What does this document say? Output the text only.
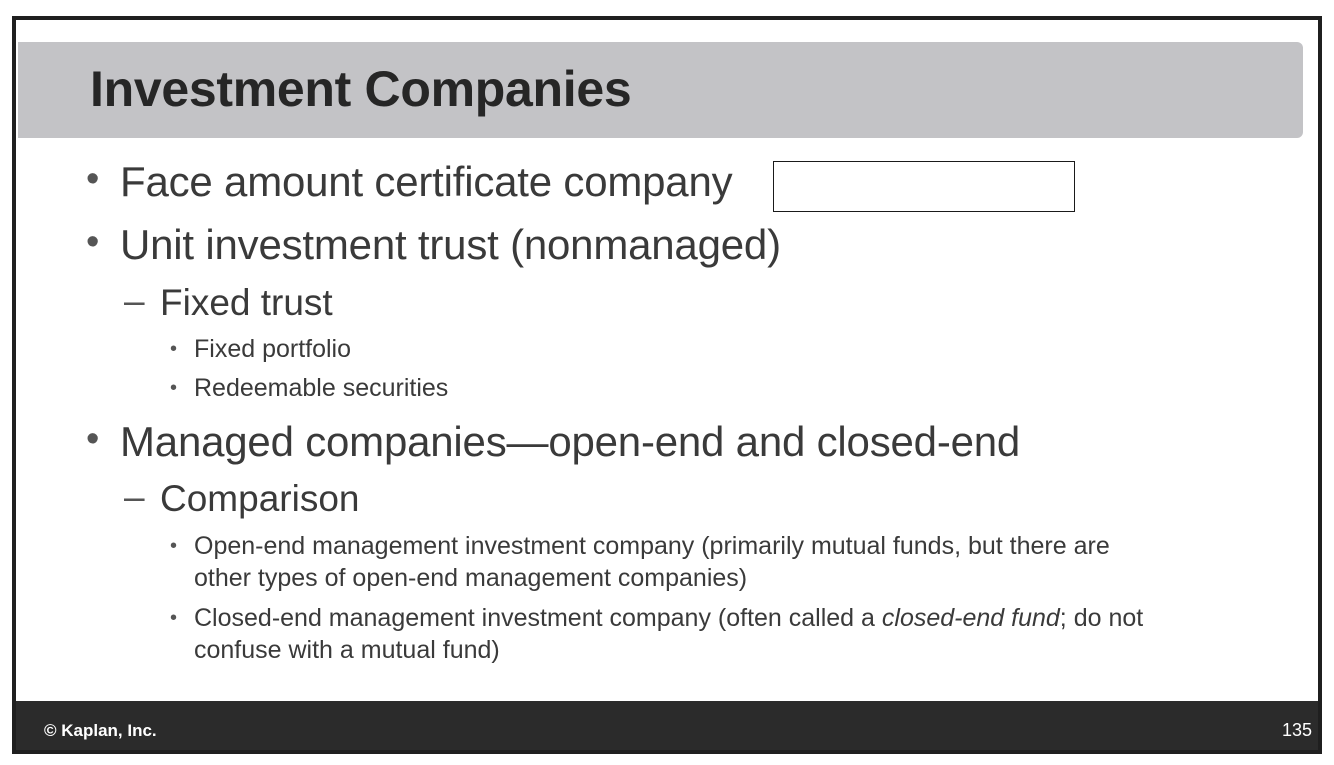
Investment Companies
• Face amount certificate company
• Unit investment trust (nonmanaged)
– Fixed trust
• Fixed portfolio
• Redeemable securities
• Managed companies—open-end and closed-end
– Comparison
• Open-end management investment company (primarily mutual funds, but there are
other types of open-end management companies)
• Closed-end management investment company (often called a closed-end fund; do not
confuse with a mutual fund)
© Kaplan, Inc.	135
